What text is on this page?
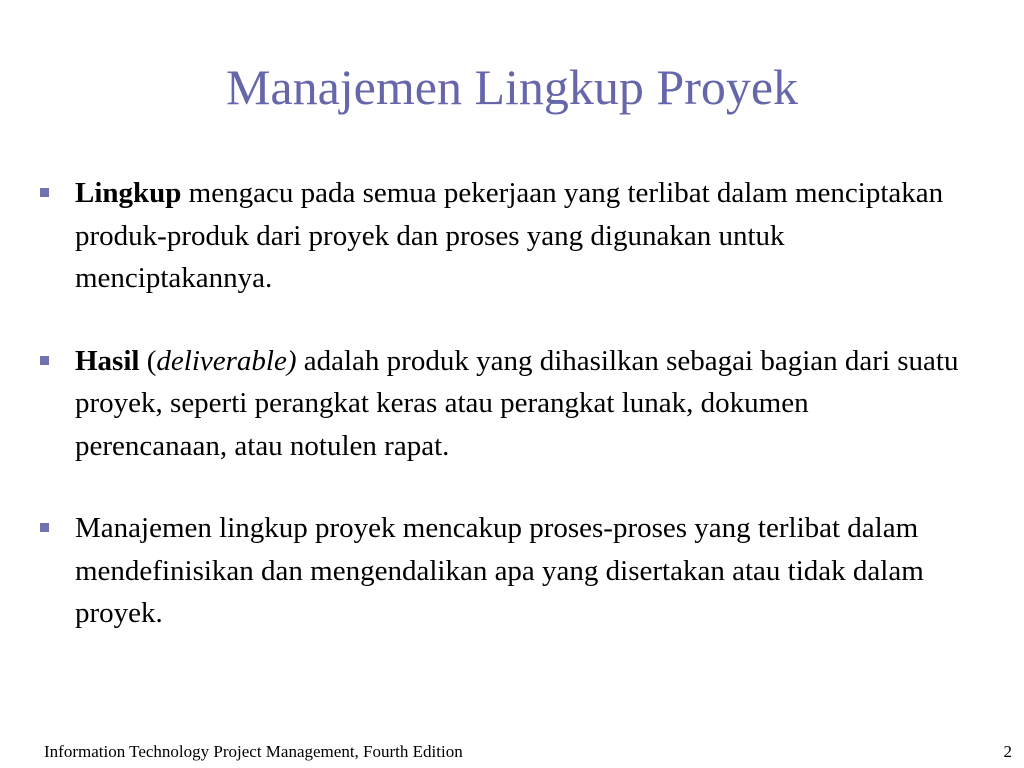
Manajemen Lingkup Proyek
Lingkup mengacu pada semua pekerjaan yang terlibat dalam menciptakan produk-produk dari proyek dan proses yang digunakan untuk menciptakannya.
Hasil (deliverable) adalah produk yang dihasilkan sebagai bagian dari suatu proyek, seperti perangkat keras atau perangkat lunak, dokumen perencanaan, atau notulen rapat.
Manajemen lingkup proyek mencakup proses-proses yang terlibat dalam mendefinisikan dan mengendalikan apa yang disertakan atau tidak dalam proyek.
Information Technology Project Management, Fourth Edition	2
